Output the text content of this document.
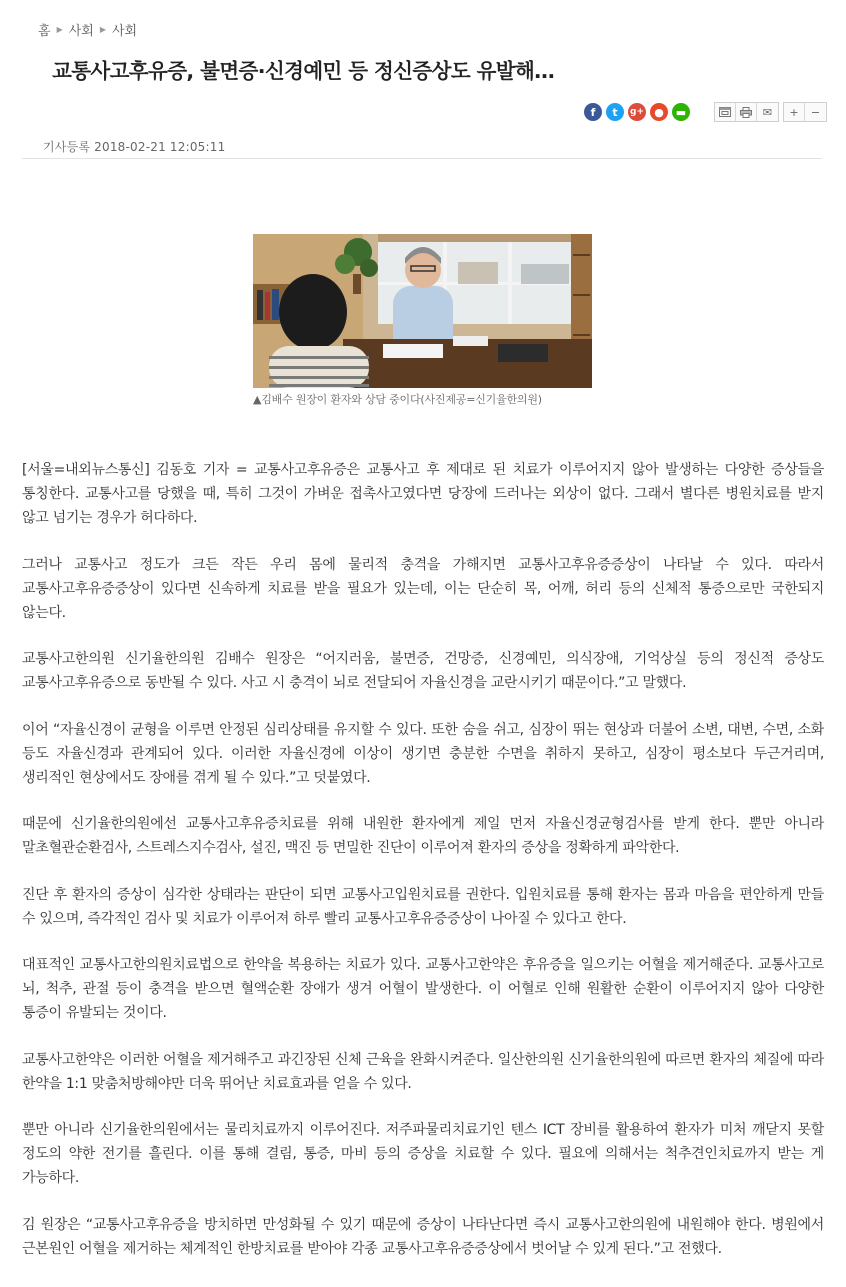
홈 ▶ 사회 ▶ 사회
교통사고후유증, 불면증·신경예민 등 정신증상도 유발해…
f	t	g+ ●	▬	✉	+	−
기사등록 2018-02-21 12:05:11
▲김배수 원장이 환자와 상담 중이다(사진제공=신기율한의원)

[서울=내외뉴스통신] 김동호 기자 = 교통사고후유증은 교통사고 후 제대로 된 치료가 이루어지지 않아 발생하는 다양한 증상들을 통칭한다. 교통사고를 당했을 때, 특히 그것이 가벼운 접촉사고였다면 당장에 드러나는 외상이 없다. 그래서 별다른 병원치료를 받지 않고 넘기는 경우가 허다하다.

그러나 교통사고 정도가 크든 작든 우리 몸에 물리적 충격을 가해지면 교통사고후유증증상이 나타날 수 있다. 따라서 교통사고후유증증상이 있다면 신속하게 치료를 받을 필요가 있는데, 이는 단순히 목, 어깨, 허리 등의 신체적 통증으로만 국한되지 않는다.

교통사고한의원 신기율한의원 김배수 원장은 “어지러움, 불면증, 건망증, 신경예민, 의식장애, 기억상실 등의 정신적 증상도 교통사고후유증으로 동반될 수 있다. 사고 시 충격이 뇌로 전달되어 자율신경을 교란시키기 때문이다.”고 말했다.

이어 “자율신경이 균형을 이루면 안정된 심리상태를 유지할 수 있다. 또한 숨을 쉬고, 심장이 뛰는 현상과 더불어 소변, 대변, 수면, 소화 등도 자율신경과 관계되어 있다. 이러한 자율신경에 이상이 생기면 충분한 수면을 취하지 못하고, 심장이 평소보다 두근거리며, 생리적인 현상에서도 장애를 겪게 될 수 있다.”고 덧붙였다.

때문에 신기율한의원에선 교통사고후유증치료를 위해 내원한 환자에게 제일 먼저 자율신경균형검사를 받게 한다. 뿐만 아니라 말초혈관순환검사, 스트레스지수검사, 설진, 맥진 등 면밀한 진단이 이루어져 환자의 증상을 정확하게 파악한다.

진단 후 환자의 증상이 심각한 상태라는 판단이 되면 교통사고입원치료를 권한다. 입원치료를 통해 환자는 몸과 마음을 편안하게 만들 수 있으며, 즉각적인 검사 및 치료가 이루어져 하루 빨리 교통사고후유증증상이 나아질 수 있다고 한다.

대표적인 교통사고한의원치료법으로 한약을 복용하는 치료가 있다. 교통사고한약은 후유증을 일으키는 어혈을 제거해준다. 교통사고로 뇌, 척추, 관절 등이 충격을 받으면 혈액순환 장애가 생겨 어혈이 발생한다. 이 어혈로 인해 원활한 순환이 이루어지지 않아 다양한 통증이 유발되는 것이다.

교통사고한약은 이러한 어혈을 제거해주고 과긴장된 신체 근육을 완화시켜준다. 일산한의원 신기율한의원에 따르면 환자의 체질에 따라 한약을 1:1 맞춤처방해야만 더욱 뛰어난 치료효과를 얻을 수 있다.

뿐만 아니라 신기율한의원에서는 물리치료까지 이루어진다. 저주파물리치료기인 텐스 ICT 장비를 활용하여 환자가 미처 깨닫지 못할 정도의 약한 전기를 흘린다. 이를 통해 결림, 통증, 마비 등의 증상을 치료할 수 있다. 필요에 의해서는 척추견인치료까지 받는 게 가능하다.

김 원장은 “교통사고후유증을 방치하면 만성화될 수 있기 때문에 증상이 나타난다면 즉시 교통사고한의원에 내원해야 한다. 병원에서 근본원인 어혈을 제거하는 체계적인 한방치료를 받아야 각종 교통사고후유증증상에서 벗어날 수 있게 된다.”고 전했다.
